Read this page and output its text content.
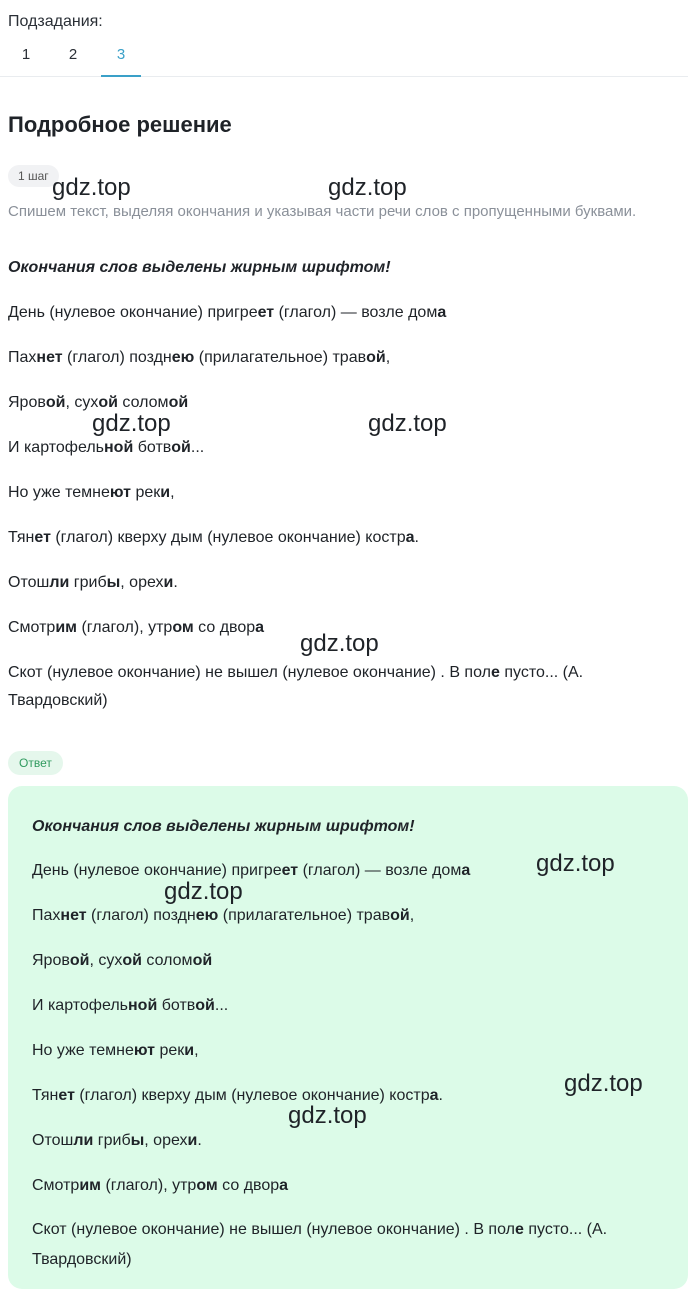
Подзадания:
1	2	3
Подробное решение
1 шаг
Спишем текст, выделяя окончания и указывая части речи слов с пропущенными буквами.
Окончания слов выделены жирным шрифтом!
День (нулевое окончание) пригреет (глагол) — возле дома
Пахнет (глагол) позднею (прилагательное) травой,
Яровой, сухой соломой
И картофельной ботвой...
Но уже темнеют реки,
Тянет (глагол) кверху дым (нулевое окончание) костра.
Отошли грибы, орехи.
Смотрим (глагол), утром со двора
Скот (нулевое окончание) не вышел (нулевое окончание) . В поле пусто... (А. Твардовский)
Ответ
Окончания слов выделены жирным шрифтом!
День (нулевое окончание) пригреет (глагол) — возле дома
Пахнет (глагол) позднею (прилагательное) травой,
Яровой, сухой соломой
И картофельной ботвой...
Но уже темнеют реки,
Тянет (глагол) кверху дым (нулевое окончание) костра.
Отошли грибы, орехи.
Смотрим (глагол), утром со двора
Скот (нулевое окончание) не вышел (нулевое окончание) . В поле пусто... (А. Твардовский)
gdz.top	gdz.top
gdz.top	gdz.top
gdz.top
gdz.top
gdz.top
gdz.top
gdz.top
